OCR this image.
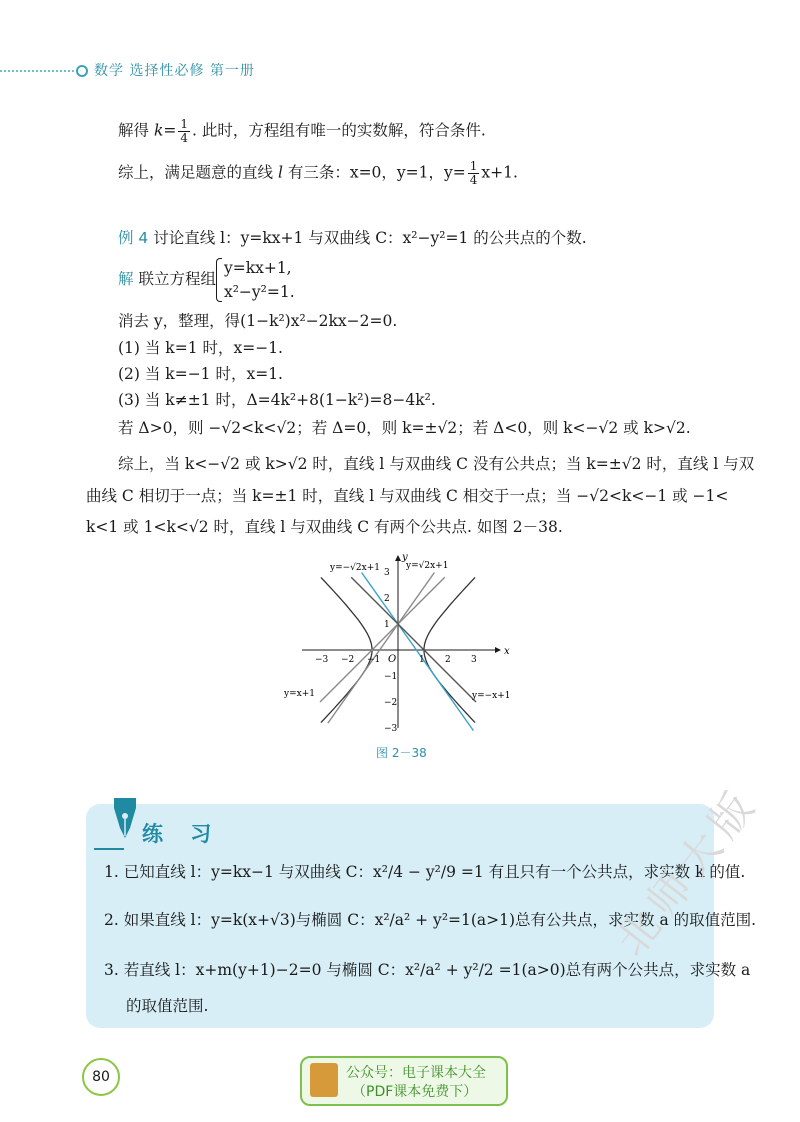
数学 选择性必修 第一册
解得 $k= \frac{1}{4}$ . 此时，方程组有唯一的实数解，符合条件.
综上，满足题意的直线 l 有三条：x=0，y=1，$y= \frac{1}{4} x+1$.
例 4 讨论直线 l：y=kx+1 与双曲线 C：x²−y²=1 的公共点的个数.
解 联立方程组
y=kx+1,
x²−y²=1.
消去 y，整理，得(1−k²)x²−2kx−2=0.
(1) 当 k=1 时，x=−1.
(2) 当 k=−1 时，x=1.
(3) 当 k≠±1 时，Δ=4k²+8(1−k²)=8−4k².
若 Δ>0，则 −√2<k<√2；若 Δ=0，则 k=±√2；若 Δ<0，则 k<−√2 或 k>√2.
综上，当 k<−√2 或 k>√2 时，直线 l 与双曲线 C 没有公共点；当 k=±√2 时，直线 l 与双
曲线 C 相切于一点；当 k=±1 时，直线 l 与双曲线 C 相交于一点；当 −√2<k<−1 或 −1<
k<1 或 1<k<√2 时，直线 l 与双曲线 C 有两个公共点. 如图 2－38.
−3 −2 −1	1 2 3
3
2
1
−1
−2
−3
x
y
O
y=−√2x+1	y=√2x+1
y=x+1	y=−x+1
图 2－38
练 习
1. 已知直线 l：y=kx−1 与双曲线 C：x²/4 − y²/9 =1 有且只有一个公共点，求实数 k 的值.
2. 如果直线 l：y=k(x+√3)与椭圆 C：x²/a² + y²=1(a>1)总有公共点，求实数 a 的取值范围.
3. 若直线 l：x+m(y+1)−2=0 与椭圆 C：x²/a² + y²/2 =1(a>0)总有两个公共点，求实数 a
的取值范围.
北师大版
80	公众号：电子课本大全
（PDF课本免费下）
